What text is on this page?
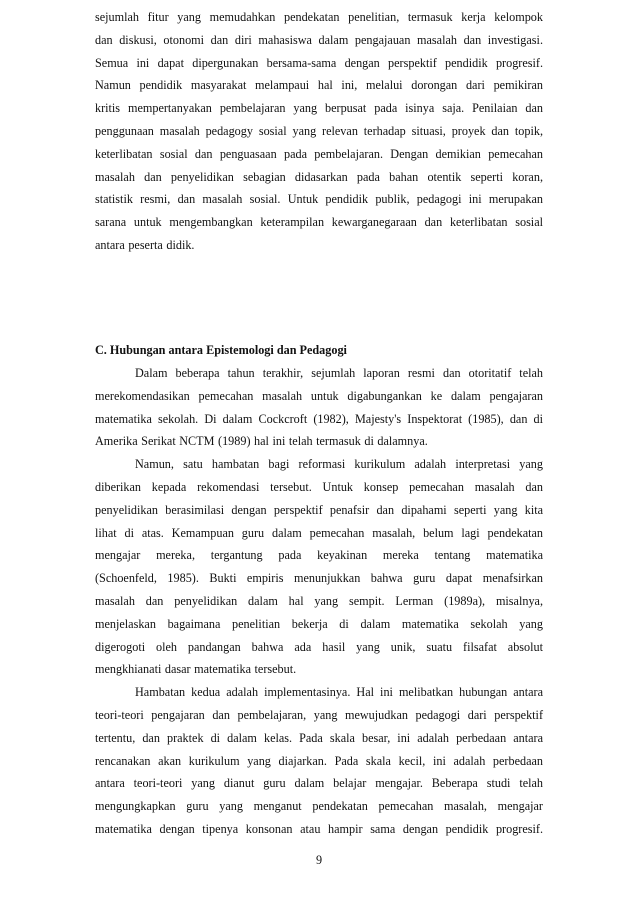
sejumlah fitur yang memudahkan pendekatan penelitian, termasuk kerja kelompok
dan diskusi, otonomi dan diri mahasiswa dalam pengajauan masalah dan investigasi.
Semua ini dapat dipergunakan bersama-sama dengan perspektif pendidik progresif.
Namun pendidik masyarakat melampaui hal ini, melalui dorongan dari pemikiran
kritis mempertanyakan pembelajaran yang berpusat pada isinya saja. Penilaian dan
penggunaan masalah pedagogy sosial yang relevan terhadap situasi, proyek dan topik,
keterlibatan sosial dan penguasaan pada pembelajaran. Dengan demikian pemecahan
masalah dan penyelidikan sebagian didasarkan pada bahan otentik seperti koran,
statistik resmi, dan masalah sosial. Untuk pendidik publik, pedagogi ini merupakan
sarana untuk mengembangkan keterampilan kewarganegaraan dan keterlibatan sosial
antara peserta didik.
C. Hubungan antara Epistemologi dan Pedagogi
Dalam beberapa tahun terakhir, sejumlah laporan resmi dan otoritatif telah
merekomendasikan pemecahan masalah untuk digabungankan ke dalam pengajaran
matematika sekolah. Di dalam Cockcroft (1982), Majesty's Inspektorat (1985), dan di
Amerika Serikat NCTM (1989) hal ini telah termasuk di dalamnya.
Namun, satu hambatan bagi reformasi kurikulum adalah interpretasi yang
diberikan kepada rekomendasi tersebut. Untuk konsep pemecahan masalah dan
penyelidikan berasimilasi dengan perspektif penafsir dan dipahami seperti yang kita
lihat di atas. Kemampuan guru dalam pemecahan masalah, belum lagi pendekatan
mengajar mereka, tergantung pada keyakinan mereka tentang matematika
(Schoenfeld, 1985). Bukti empiris menunjukkan bahwa guru dapat menafsirkan
masalah dan penyelidikan dalam hal yang sempit. Lerman (1989a), misalnya,
menjelaskan bagaimana penelitian bekerja di dalam matematika sekolah yang
digerogoti oleh pandangan bahwa ada hasil yang unik, suatu filsafat absolut
mengkhianati dasar matematika tersebut.
Hambatan kedua adalah implementasinya. Hal ini melibatkan hubungan antara
teori-teori pengajaran dan pembelajaran, yang mewujudkan pedagogi dari perspektif
tertentu, dan praktek di dalam kelas. Pada skala besar, ini adalah perbedaan antara
rencanakan akan kurikulum yang diajarkan. Pada skala kecil, ini adalah perbedaan
antara teori-teori yang dianut guru dalam belajar mengajar. Beberapa studi telah
mengungkapkan guru yang menganut pendekatan pemecahan masalah, mengajar
matematika dengan tipenya konsonan atau hampir sama dengan pendidik progresif.
9
